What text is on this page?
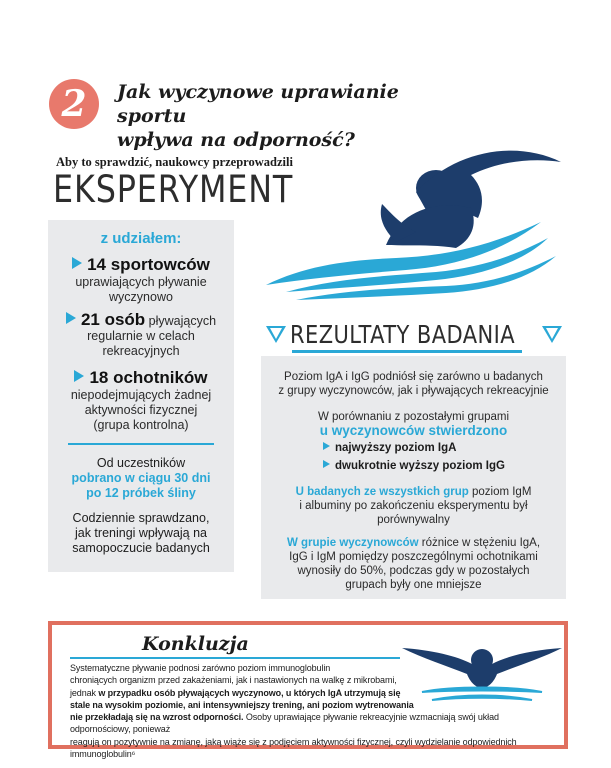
2	Jak wyczynowe uprawianie sportu
wpływa na odporność?
Aby to sprawdzić, naukowcy przeprowadzili
EKSPERYMENT
z udziałem:
14 sportowców
uprawiających pływanie
wyczynowo
21 osób pływających
regularnie w celach
rekreacyjnych
18 ochotników
niepodejmujących żadnej
aktywności fizycznej
(grupa kontrolna)
Od uczestników
pobrano w ciągu 30 dni
po 12 próbek śliny
Codziennie sprawdzano,
jak treningi wpływają na
samopoczucie badanych
REZULTATY BADANIA
Poziom IgA i IgG podniósł się zarówno u badanych
z grupy wyczynowców, jak i pływających rekreacyjnie
W porównaniu z pozostałymi grupami
u wyczynowców stwierdzono
najwyższy poziom IgA
dwukrotnie wyższy poziom IgG
U badanych ze wszystkich grup poziom IgM
i albuminy po zakończeniu eksperymentu był
porównywalny
W grupie wyczynowców różnice w stężeniu IgA,
IgG i IgM pomiędzy poszczególnymi ochotnikami
wynosiły do 50%, podczas gdy w pozostałych
grupach były one mniejsze
Konkluzja
Systematyczne pływanie podnosi zarówno poziom immunoglobulin
chroniących organizm przed zakażeniami, jak i nastawionych na walkę z mikrobami,
jednak w przypadku osób pływających wyczynowo, u których IgA utrzymują się
stale na wysokim poziomie, ani intensywniejszy trening, ani poziom wytrenowania
nie przekładają się na wzrost odporności. Osoby uprawiające pływanie rekreacyjnie wzmacniają swój układ odpornościowy, ponieważ
reagują on pozytywnie na zmianę, jaką wiąże się z podjęciem aktywności fizycznej, czyli wydzielanie odpowiednich immunoglobulin⁶
